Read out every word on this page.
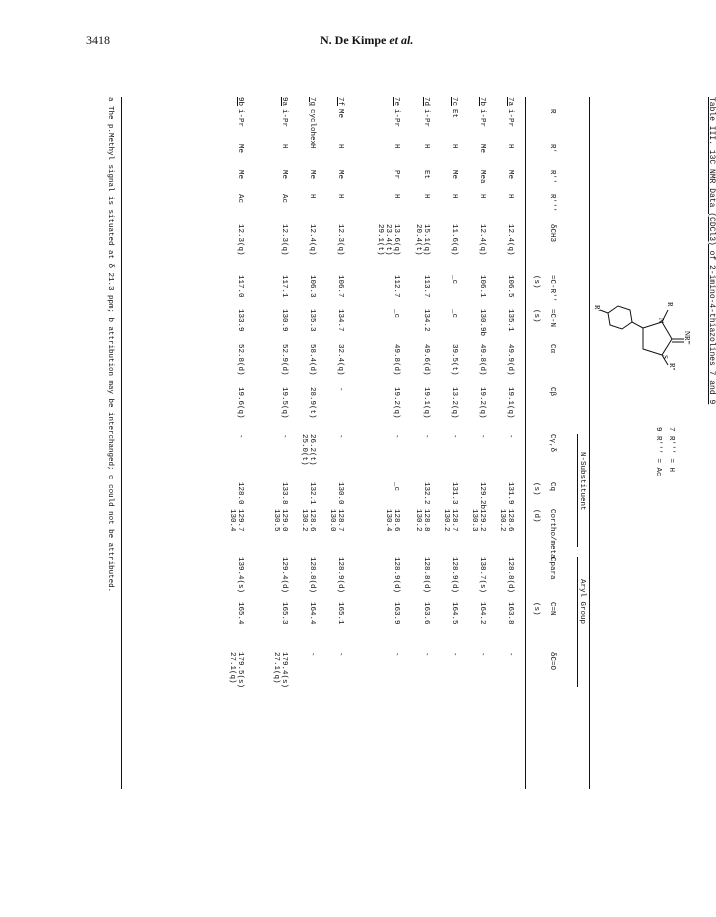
3418	N. De Kimpe et al.
Table III. 13C NMR Data (CDCl3) of 2-imino-4-thiazolines 7 and 9
NR'''
R
S
N
R''
R'
7 R''' = H
9 R''' = Ac
N-Substituent
Aryl Group
R
R'
R''
R'''
δCH3
=C-R''
(s)
=C-N
(s)
Cα
Cβ
Cγ,δ
Cq
(s)
Cortho/meta
(d)
Cpara
C=N
(s)
δC=O
7a
i-Pr
H
Me
H
12.4(q)
106.5
135.1
49.9(d)
19.1(q)
-
131.9
128.6
130.2
128.8(d)
163.8
-
7b
i-Pr
Me
Mea
H
12.4(q)
106.1
130.9b
49.8(d)
19.2(q)
-
129.2b
129.2
130.3
138.7(s)
164.2
-
7c
Et
H
Me
H
11.6(q)
_c
_c
39.5(t)
13.2(q)
-
131.3
128.7
130.2
128.9(d)
164.5
-
7d
i-Pr
H
Et
H
15.1(q)
20.4(t)
113.7
134.2
49.6(d)
19.1(q)
-
132.2
128.8
130.2
128.8(d)
163.6
-
7e
i-Pr
H
Pr
H
13.6(q)
23.4(t)
29.1(t)
112.7
_c
49.8(d)
19.2(q)
-
_c
128.6
130.4
128.9(d)
163.9
-
7f
Me
H
Me
H
12.3(q)
106.7
134.7
32.4(q)
-
-
130.0
128.7
130.0
128.9(d)
165.1
-
7g
cyclohex
H
Me
H
12.4(q)
106.3
135.3
58.4(d)
28.9(t)
26.2(t)
25.0(t)
132.1
128.6
130.2
128.8(d)
164.4
-
9a
i-Pr
H
Me
Ac
12.3(q)
117.1
130.9
52.9(d)
19.5(q)
-
133.8
129.0
130.5
129.4(d)
165.3
179.4(s)
27.1(q)
9b
i-Pr
Me
Me
Ac
12.3(q)
117.0
133.9
52.8(d)
19.6(q)
-
128.0
129.7
130.4
139.4(s)
165.4
179.5(s)
27.1(q)
a The p.Methyl signal is situated at δ 21.3 ppm; b attribution may be interchanged; c could not be attributed.
